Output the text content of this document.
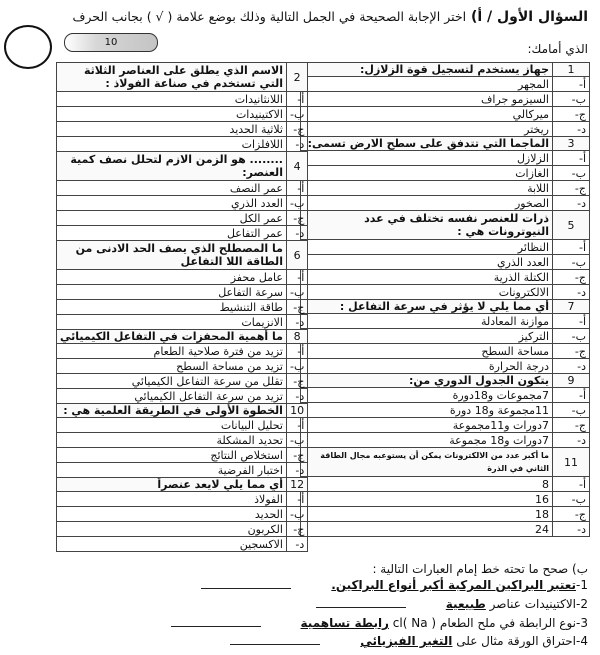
10
السؤال الأول / أ) اختر الإجابة الصحيحة في الجمل التالية وذلك بوضع علامة ( √ ) بجانب الحرف
الذي أمامك:
1	جهاز يستخدم لتسجيل قوة الزلازل:
أ-	المجهر
ب-	السيزمو جراف
ج-	ميركالي
د-	ريختر
3	الماجما التي تتدفق على سطح الارض تسمى:
أ-	الزلازل
ب-	الغازات
ج-	اللابة
د-	الصخور
5	ذرات للعنصر نفسه تختلف في عدد النيوترونات هي :
أ-	النظائر
ب-	العدد الذري
ج-	الكتلة الذرية
د-	الالكترونات
7	أي مما يلي لا يؤثر في سرعة التفاعل :
أ-	موازنة المعادلة
ب-	التركيز
ج-	مساحة السطح
د-	درجة الحرارة
9	يتكون الجدول الدوري من:
أ-	7مجموعات و18دورة
ب-	11مجموعة و18 دورة
ج-	7دورات و11مجموعة
د-	7دورات و18 مجموعة
11	ما أكبر عدد من الالكترونات يمكن أن يستوعبه مجال الطاقة الثاني في الذرة
أ-	8
ب-	16
ج-	18
د-	24
2	الاسم الذي يطلق على العناصر الثلاثة التي تستخدم في صناعة الفولاذ :
أ-	اللانثانيدات
ب-	الاكتينيدات
ج-	ثلاثية الحديد
د-	اللافلزات
4	........ هو الزمن الازم لتحلل نصف كمية العنصر:
أ-	عمر النصف
ب-	العدد الذري
ج-	عمر الكل
د-	عمر التفاعل
6	ما المصطلح الذي يصف الحد الادنى من الطاقة اللا التفاعل
أ-	عامل محفز
ب-	سرعة التفاعل
ج-	طاقة التنشيط
د-	الانزيمات
8	ما أهمية المحفزات في التفاعل الكيميائي
أ-	تزيد من فترة صلاحية الطعام
ب-	تزيد من مساحة السطح
ج-	تقلل من سرعة التفاعل الكيميائي
د-	تزيد من سرعة التفاعل الكيميائي
10	الخطوة الأولى في الطريقة العلمية هي :
أ-	تحليل البيانات
ب-	تحديد المشكلة
ج-	استخلاص النتائج
د-	اختبار الفرضية
12	أي مما يلي لايعد عنصراً
أ-	الفولاذ
ب-	الحديد
ج-	الكربون
د-	الاكسجين
ب) صحح ما تحته خط إمام العبارات التالية :
1-تعتبر البراكين المركبة أكبر أنواع البراكين.
2-الاكتينيدات عناصر طبيعية
3-نوع الرابطة في ملح الطعام ( Na )cl رابطة تساهمية
4-احتراق الورقة مثال على التغير الفيزيائي
